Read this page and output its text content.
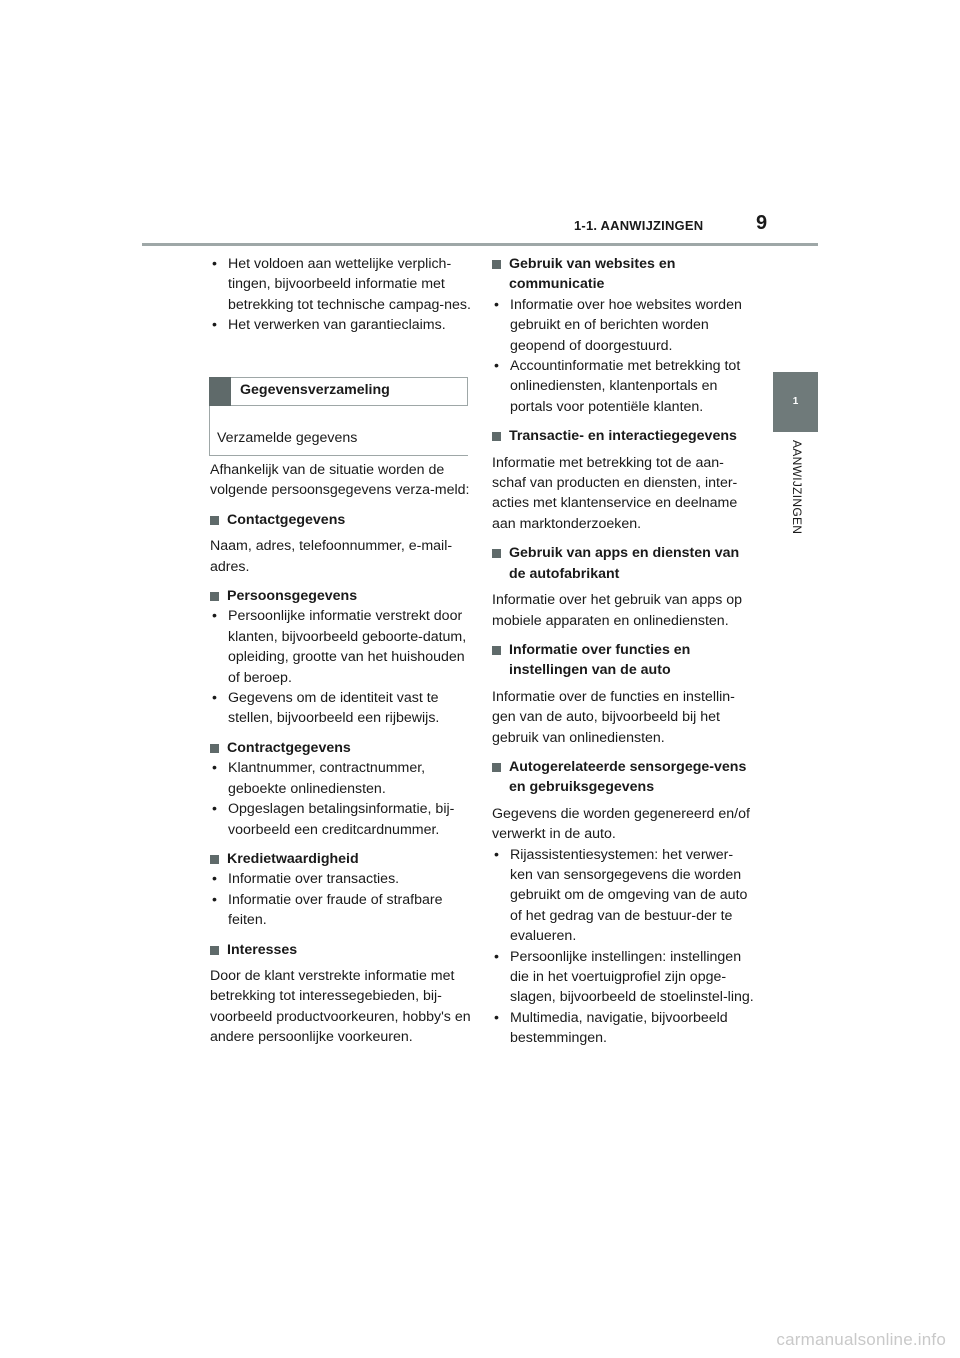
1-1. AANWIJZINGEN	9
1
AANWIJZINGEN
• Het voldoen aan wettelijke verplich-tingen, bijvoorbeeld informatie met betrekking tot technische campag-nes.
• Het verwerken van garantieclaims.
Gegevensverzameling
Verzamelde gegevens
Afhankelijk van de situatie worden de volgende persoonsgegevens verza-meld:
Contactgegevens
Naam, adres, telefoonnummer, e-mail-adres.
Persoonsgegevens
• Persoonlijke informatie verstrekt door klanten, bijvoorbeeld geboorte-datum, opleiding, grootte van het huishouden of beroep.
• Gegevens om de identiteit vast te stellen, bijvoorbeeld een rijbewijs.
Contractgegevens
• Klantnummer, contractnummer, geboekte onlinediensten.
• Opgeslagen betalingsinformatie, bij-voorbeeld een creditcardnummer.
Kredietwaardigheid
• Informatie over transacties.
• Informatie over fraude of strafbare feiten.
Interesses
Door de klant verstrekte informatie met betrekking tot interessegebieden, bij-voorbeeld productvoorkeuren, hobby's en andere persoonlijke voorkeuren.
Gebruik van websites en communicatie
• Informatie over hoe websites worden gebruikt en of berichten worden geopend of doorgestuurd.
• Accountinformatie met betrekking tot onlinediensten, klantenportals en portals voor potentiële klanten.
Transactie- en interactiegegevens
Informatie met betrekking tot de aan-schaf van producten en diensten, inter-acties met klantenservice en deelname aan marktonderzoeken.
Gebruik van apps en diensten van de autofabrikant
Informatie over het gebruik van apps op mobiele apparaten en onlinediensten.
Informatie over functies en instellingen van de auto
Informatie over de functies en instellin-gen van de auto, bijvoorbeeld bij het gebruik van onlinediensten.
Autogerelateerde sensorgege-vens en gebruiksgegevens
Gegevens die worden gegenereerd en/of verwerkt in de auto.
• Rijassistentiesystemen: het verwer-ken van sensorgegevens die worden gebruikt om de omgeving van de auto of het gedrag van de bestuur-der te evalueren.
• Persoonlijke instellingen: instellingen die in het voertuigprofiel zijn opge-slagen, bijvoorbeeld de stoelinstel-ling.
• Multimedia, navigatie, bijvoorbeeld bestemmingen.
carmanualsonline.info
